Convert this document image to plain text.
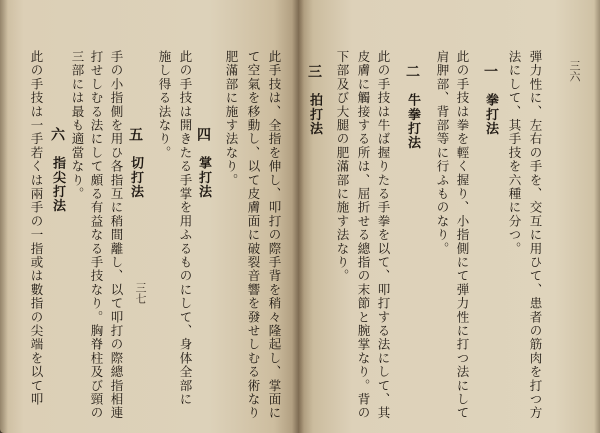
弾力性に、左右の手を、交互に用ひて、患者の筋肉を打つ方
法にして、其手技を六種に分つ。
一拳打法
此の手技は拳を輕く握り、小指側にて弾力性に打つ法にして
肩胛部、背部等に行ふものなり。
二牛拳打法
此の手技は牛ば握りたる手拳を以て、叩打する法にして、其
皮膚に觸接する所は、屈折せる總指の末節と腕掌なり。背の
下部及び大腿の肥滿部に施す法なり。
三拍打法
此手技は、全指を伸し、叩打の際手背を稍々隆起し、掌面に
て空氣を移動し、以て皮膚面に破裂音響を發せしむる術なり
肥滿部に施す法なり。
四掌打法
此の手技は開きたる手掌を用ふるものにして、身体全部に
施し得る法なり。
五切打法
手の小指側を用ひ各指互に稍間離し、以て叩打の際總指相連
打せしむる法にして頗る有益なる手技なり。胸脊柱及び頸の
三部には最も適當なり。
六指尖打法
此の手技は一手若くは兩手の一指或は數指の尖端を以て叩	三六
三七
